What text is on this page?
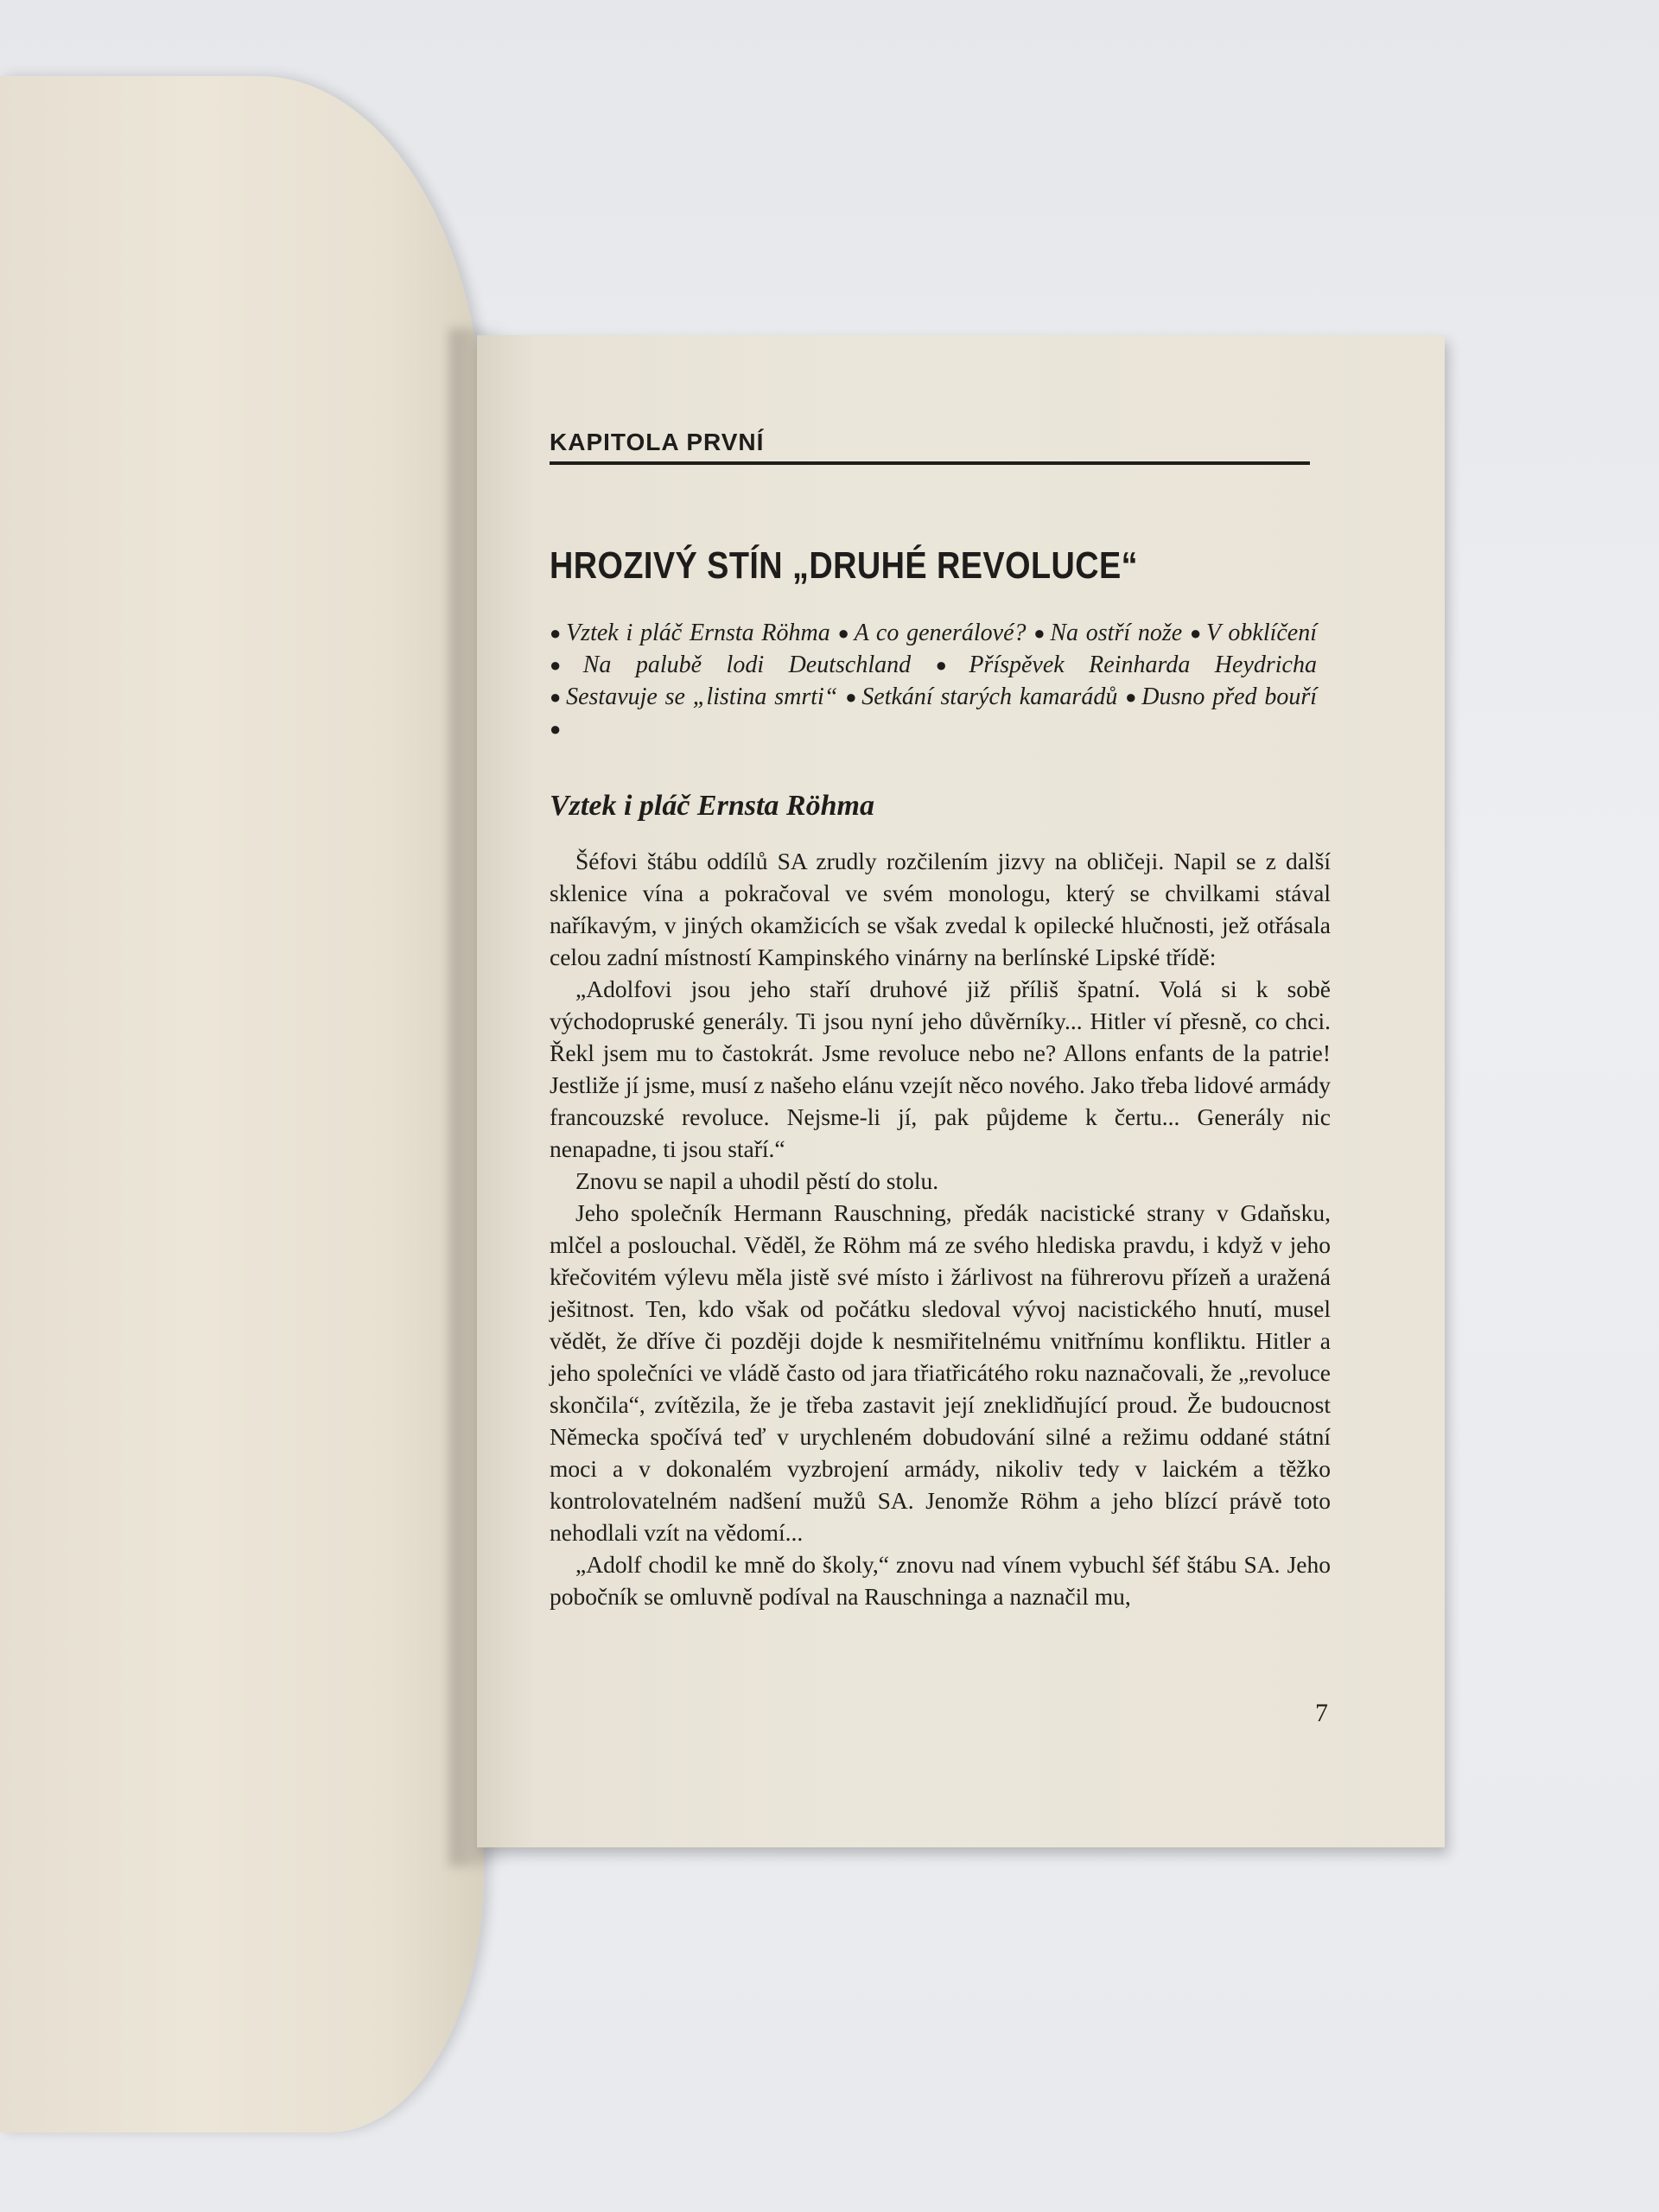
KAPITOLA PRVNÍ
HROZIVÝ STÍN „DRUHÉ REVOLUCE“
● Vztek i pláč Ernsta Röhma ● A co generálové? ● Na ostří nože ● V obklíčení ● Na palubě lodi Deutschland ● Příspěvek Reinharda Heydricha ● Sestavuje se „listina smrti“ ● Setkání starých kamarádů ● Dusno před bouří ●
Vztek i pláč Ernsta Röhma

Šéfovi štábu oddílů SA zrudly rozčilením jizvy na obličeji. Napil se z další sklenice vína a pokračoval ve svém monologu, který se chvilkami stával naříkavým, v jiných okamžicích se však zvedal k opilecké hlučnosti, jež otřásala celou zadní místností Kampinského vinárny na berlínské Lipské třídě:

„Adolfovi jsou jeho staří druhové již příliš špatní. Volá si k sobě východopruské generály. Ti jsou nyní jeho důvěrníky... Hitler ví přesně, co chci. Řekl jsem mu to častokrát. Jsme revoluce nebo ne? Allons enfants de la patrie! Jestliže jí jsme, musí z našeho elánu vzejít něco nového. Jako třeba lidové armády francouzské revoluce. Nejsme-li jí, pak půjdeme k čertu... Generály nic nenapadne, ti jsou staří.“

Znovu se napil a uhodil pěstí do stolu.

Jeho společník Hermann Rauschning, předák nacistické strany v Gdaňsku, mlčel a poslouchal. Věděl, že Röhm má ze svého hlediska pravdu, i když v jeho křečovitém výlevu měla jistě své místo i žárlivost na führerovu přízeň a uražená ješitnost. Ten, kdo však od počátku sledoval vývoj nacistického hnutí, musel vědět, že dříve či později dojde k nesmiřitelnému vnitřnímu konfliktu. Hitler a jeho společníci ve vládě často od jara třiatřicátého roku naznačovali, že „revoluce skončila“, zvítězila, že je třeba zastavit její zneklidňující proud. Že budoucnost Německa spočívá teď v urychleném dobudování silné a režimu oddané státní moci a v dokonalém vyzbrojení armády, nikoliv tedy v laickém a těžko kontrolovatelném nadšení mužů SA. Jenomže Röhm a jeho blízcí právě toto nehodlali vzít na vědomí...

„Adolf chodil ke mně do školy,“ znovu nad vínem vybuchl šéf štábu SA. Jeho pobočník se omluvně podíval na Rauschninga a naznačil mu,

7
